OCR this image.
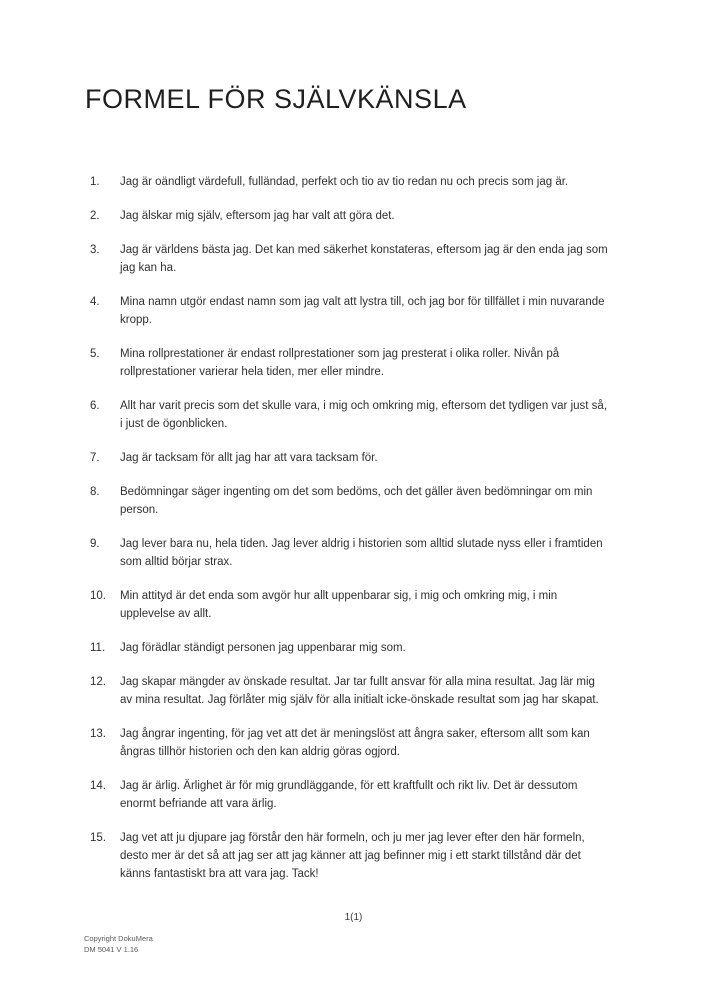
FORMEL FÖR SJÄLVKÄNSLA
Jag är oändligt värdefull, fulländad, perfekt och tio av tio redan nu och precis som jag är.
Jag älskar mig själv, eftersom jag har valt att göra det.
Jag är världens bästa jag. Det kan med säkerhet konstateras, eftersom jag är den enda jag som jag kan ha.
Mina namn utgör endast namn som jag valt att lystra till, och jag bor för tillfället i min nuvarande kropp.
Mina rollprestationer är endast rollprestationer som jag presterat i olika roller. Nivån på rollprestationer varierar hela tiden, mer eller mindre.
Allt har varit precis som det skulle vara, i mig och omkring mig, eftersom det tydligen var just så, i just de ögonblicken.
Jag är tacksam för allt jag har att vara tacksam för.
Bedömningar säger ingenting om det som bedöms, och det gäller även bedömningar om min person.
Jag lever bara nu, hela tiden. Jag lever aldrig i historien som alltid slutade nyss eller i framtiden som alltid börjar strax.
Min attityd är det enda som avgör hur allt uppenbarar sig, i mig och omkring mig, i min upplevelse av allt.
Jag förädlar ständigt personen jag uppenbarar mig som.
Jag skapar mängder av önskade resultat. Jar tar fullt ansvar för alla mina resultat. Jag lär mig av mina resultat. Jag förlåter mig själv för alla initialt icke-önskade resultat som jag har skapat.
Jag ångrar ingenting, för jag vet att det är meningslöst att ångra saker, eftersom allt som kan ångras tillhör historien och den kan aldrig göras ogjord.
Jag är ärlig. Ärlighet är för mig grundläggande, för ett kraftfullt och rikt liv. Det är dessutom enormt befriande att vara ärlig.
Jag vet att ju djupare jag förstår den här formeln, och ju mer jag lever efter den här formeln, desto mer är det så att jag ser att jag känner att jag befinner mig i ett starkt tillstånd där det känns fantastiskt bra att vara jag. Tack!
1(1)
Copyright DokuMera
DM 5041 V 1.16
